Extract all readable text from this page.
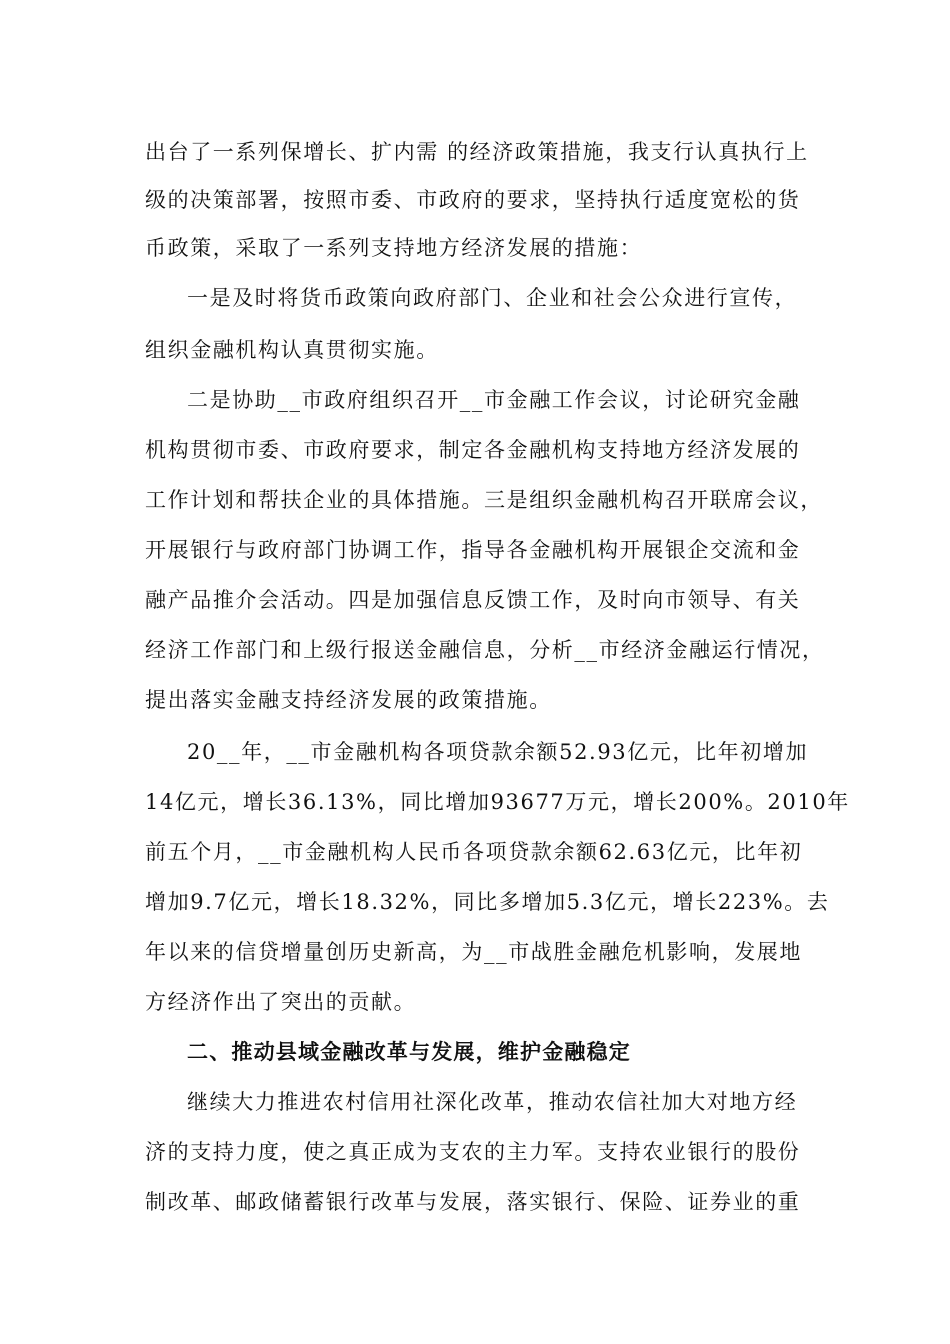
出台了一系列保增长、扩内需 的经济政策措施，我支行认真执行上

级的决策部署，按照市委、市政府的要求，坚持执行适度宽松的货

币政策，采取了一系列支持地方经济发展的措施：

一是及时将货币政策向政府部门、企业和社会公众进行宣传，

组织金融机构认真贯彻实施。

二是协助__市政府组织召开__市金融工作会议，讨论研究金融

机构贯彻市委、市政府要求，制定各金融机构支持地方经济发展的

工作计划和帮扶企业的具体措施。三是组织金融机构召开联席会议，

开展银行与政府部门协调工作，指导各金融机构开展银企交流和金

融产品推介会活动。四是加强信息反馈工作，及时向市领导、有关

经济工作部门和上级行报送金融信息，分析__市经济金融运行情况，

提出落实金融支持经济发展的政策措施。

20__年，__市金融机构各项贷款余额52.93亿元，比年初增加

14亿元，增长36.13%，同比增加93677万元，增长200%。2010年

前五个月，__市金融机构人民币各项贷款余额62.63亿元，比年初

增加9.7亿元，增长18.32%，同比多增加5.3亿元，增长223%。去

年以来的信贷增量创历史新高，为__市战胜金融危机影响，发展地

方经济作出了突出的贡献。

二、推动县域金融改革与发展，维护金融稳定

继续大力推进农村信用社深化改革，推动农信社加大对地方经

济的支持力度，使之真正成为支农的主力军。支持农业银行的股份

制改革、邮政储蓄银行改革与发展，落实银行、保险、证券业的重
